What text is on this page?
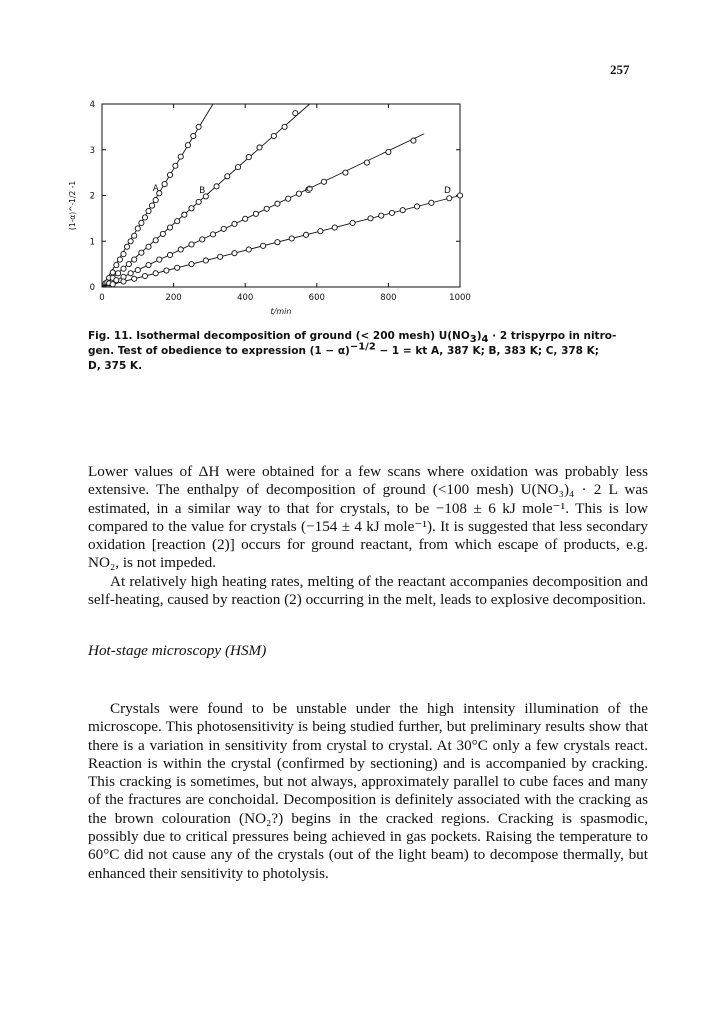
257
0	200	400	600	800	1000
0
1
2
3
4
t/min
(1-α)^-1/2 -1	A	B	C	D
Fig. 11. Isothermal decomposition of ground (< 200 mesh) $U(NO_3)_4 \cdot 2$ trispyrpo in nitro-
gen. Test of obedience to expression $(1 - \alpha)^{-1/2} - 1$ = kt A, 387 K; B, 383 K; C, 378 K;
D, 375 K.

Lower values of ΔH were obtained for a few scans where oxidation was probably less extensive. The enthalpy of decomposition of ground (<100 mesh) U(NO₃)₄ · 2 L was estimated, in a similar way to that for crystals, to be −108 ± 6 kJ mole⁻¹. This is low compared to the value for crystals (−154 ± 4 kJ mole⁻¹). It is suggested that less secondary oxidation [reaction (2)] occurs for ground reactant, from which escape of products, e.g. NO₂, is not impeded.

At relatively high heating rates, melting of the reactant accompanies decomposition and self-heating, caused by reaction (2) occurring in the melt, leads to explosive decomposition.

Hot-stage microscopy (HSM)

Crystals were found to be unstable under the high intensity illumination of the microscope. This photosensitivity is being studied further, but preliminary results show that there is a variation in sensitivity from crystal to crystal. At 30°C only a few crystals react. Reaction is within the crystal (confirmed by sectioning) and is accompanied by cracking. This cracking is sometimes, but not always, approximately parallel to cube faces and many of the fractures are conchoidal. Decomposition is definitely associated with the cracking as the brown colouration (NO₂?) begins in the cracked regions. Cracking is spasmodic, possibly due to critical pressures being achieved in gas pockets. Raising the temperature to 60°C did not cause any of the crystals (out of the light beam) to decompose thermally, but enhanced their sensitivity to photolysis.
